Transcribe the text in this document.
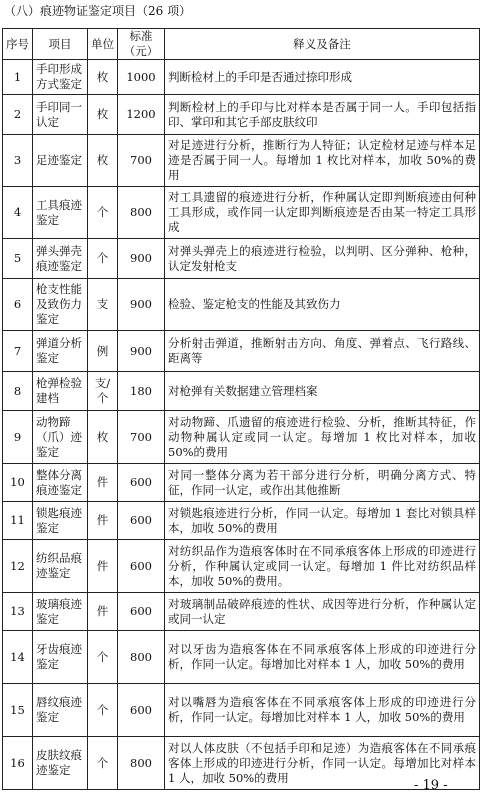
（八）痕迹物证鉴定项目（26 项）
序号	项目	单位	标准（元）	释义及备注
1	手印形成方式鉴定	枚	1000	判断检材上的手印是否通过捺印形成
2	手印同一认定	枚	1200	判断检材上的手印与比对样本是否属于同一人。手印包括指印、掌印和其它手部皮肤纹印
3	足迹鉴定	枚	700	对足迹进行分析，推断行为人特征；认定检材足迹与样本足迹是否属于同一人。每增加 1 枚比对样本，加收 50%的费用
4	工具痕迹鉴定	个	800	对工具遗留的痕迹进行分析，作种属认定即判断痕迹由何种工具形成，或作同一认定即判断痕迹是否由某一特定工具形成
5	弹头弹壳痕迹鉴定	个	900	对弹头弹壳上的痕迹进行检验，以判明、区分弹种、枪种，认定发射枪支
6	枪支性能及致伤力鉴定	支	900	检验、鉴定枪支的性能及其致伤力
7	弹道分析鉴定	例	900	分析射击弹道，推断射击方向、角度、弹着点、飞行路线、距离等
8	枪弹检验建档	支/个	180	对枪弹有关数据建立管理档案
9	动物蹄（爪）迹鉴定	枚	700	对动物蹄、爪遗留的痕迹进行检验、分析，推断其特征，作动物种属认定或同一认定。每增加 1 枚比对样本，加收 50%的费用
10	整体分离痕迹鉴定	件	600	对同一整体分离为若干部分进行分析，明确分离方式、特征，作同一认定，或作出其他推断
11	锁匙痕迹鉴定	件	600	对锁匙痕迹进行分析，作同一认定。每增加 1 套比对锁具样本，加收 50%的费用
12	纺织品痕迹鉴定	件	600	对纺织品作为造痕客体时在不同承痕客体上形成的印迹进行分析，作种属认定或同一认定。每增加 1 件比对纺织品样本，加收 50%的费用。
13	玻璃痕迹鉴定	件	600	对玻璃制品破碎痕迹的性状、成因等进行分析，作种属认定或同一认定
14	牙齿痕迹鉴定	个	800	对以牙齿为造痕客体在不同承痕客体上形成的印迹进行分析，作同一认定。每增加比对样本 1 人，加收 50%的费用
15	唇纹痕迹鉴定	个	600	对以嘴唇为造痕客体在不同承痕客体上形成的印迹进行分析，作同一认定。每增加比对样本 1 人，加收 50%的费用
16	皮肤纹痕迹鉴定	个	800	对以人体皮肤（不包括手印和足迹）为造痕客体在不同承痕客体上形成的印迹进行分析，作同一认定。每增加比对样本 1 人，加收 50%的费用
- 19 -
